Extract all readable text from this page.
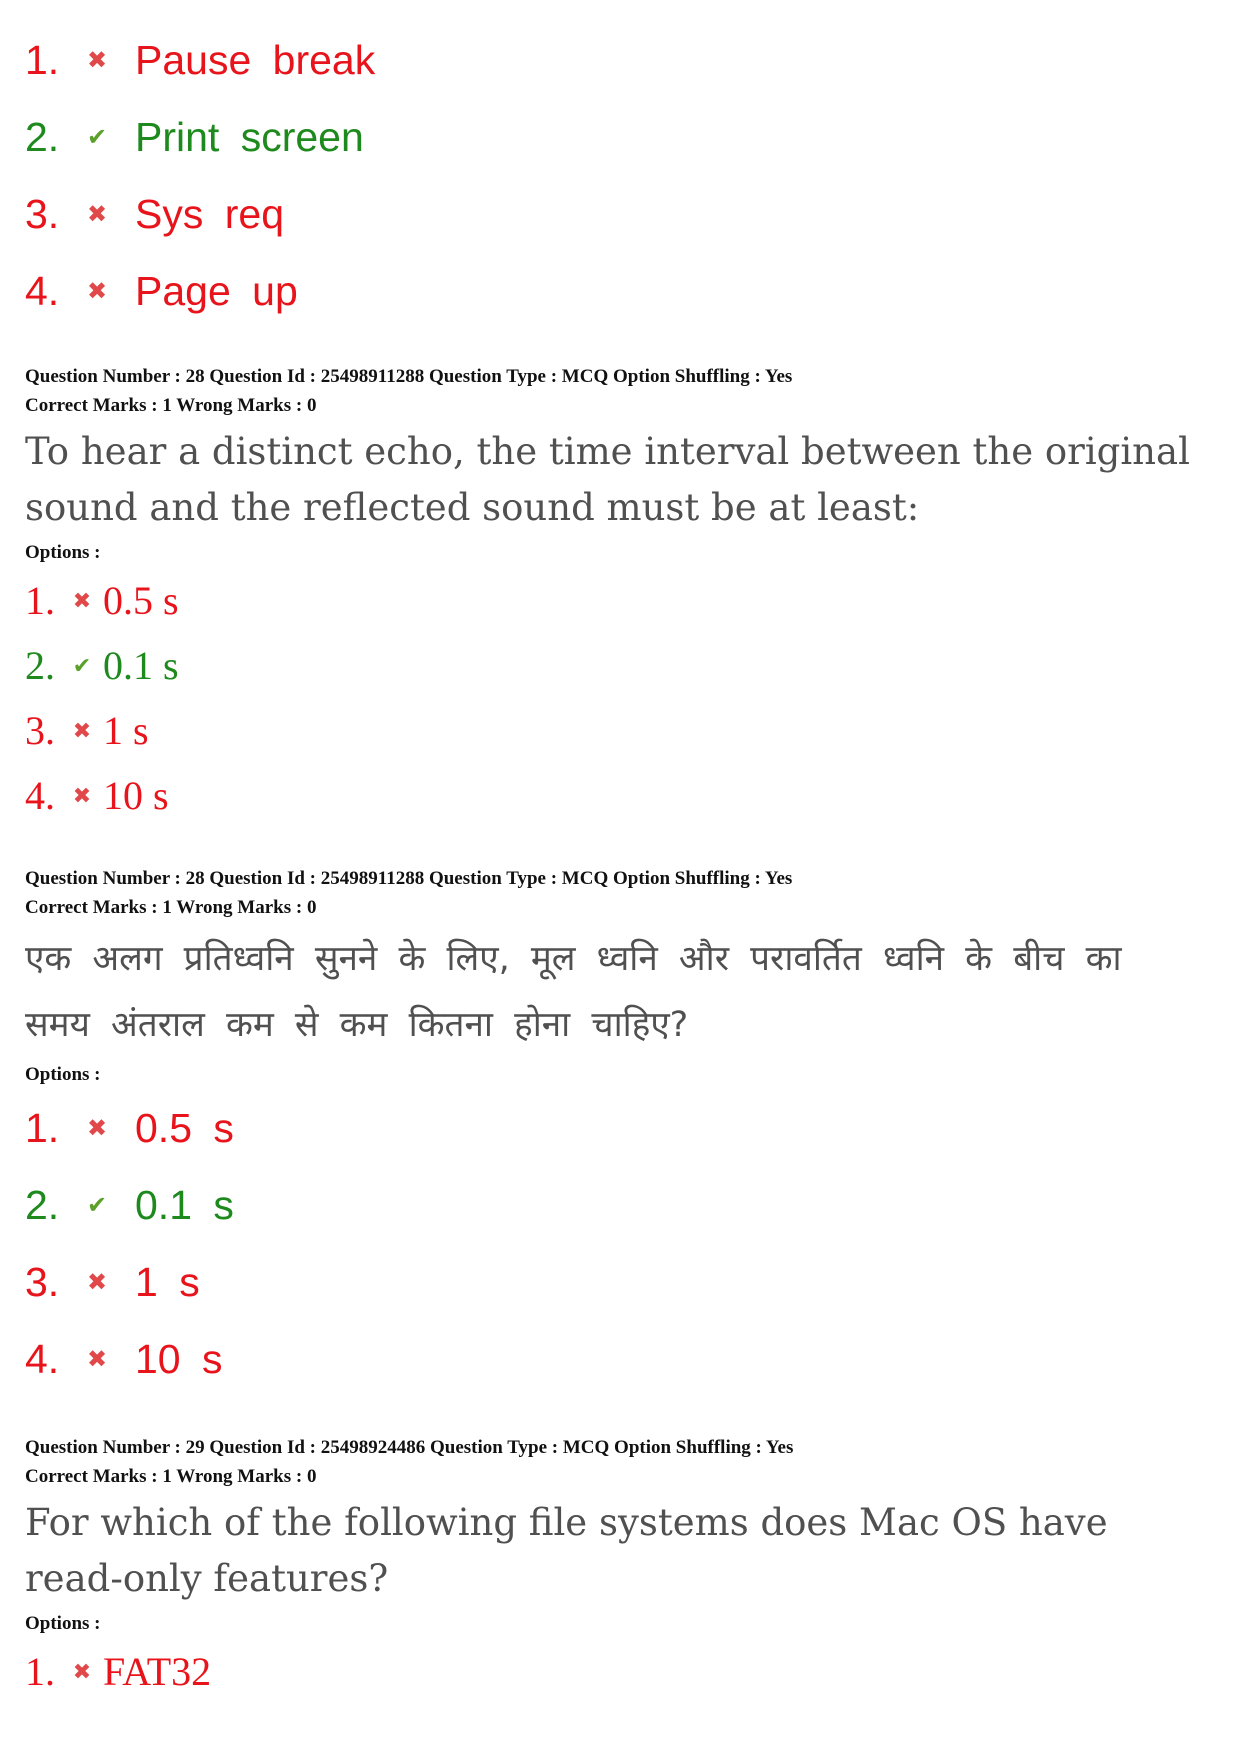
1.	✖ Pause break
2.	✔ Print screen
3.	✖ Sys req
4.	✖ Page up
Question Number : 28 Question Id : 25498911288 Question Type : MCQ Option Shuffling : Yes
Correct Marks : 1 Wrong Marks : 0
To hear a distinct echo, the time interval between the original sound and the reflected sound must be at least:
Options :
1. ✖ 0.5 s
2. ✔ 0.1 s
3. ✖ 1 s
4. ✖ 10 s
Question Number : 28 Question Id : 25498911288 Question Type : MCQ Option Shuffling : Yes
Correct Marks : 1 Wrong Marks : 0
एक अलग प्रतिध्वनि सुनने के लिए, मूल ध्वनि और परावर्तित ध्वनि के बीच का समय अंतराल कम से कम कितना होना चाहिए?
Options :
1.	✖ 0.5 s
2.	✔ 0.1 s
3.	✖ 1 s
4.	✖ 10 s
Question Number : 29 Question Id : 25498924486 Question Type : MCQ Option Shuffling : Yes
Correct Marks : 1 Wrong Marks : 0
For which of the following file systems does Mac OS have read-only features?
Options :
1. ✖ FAT32
